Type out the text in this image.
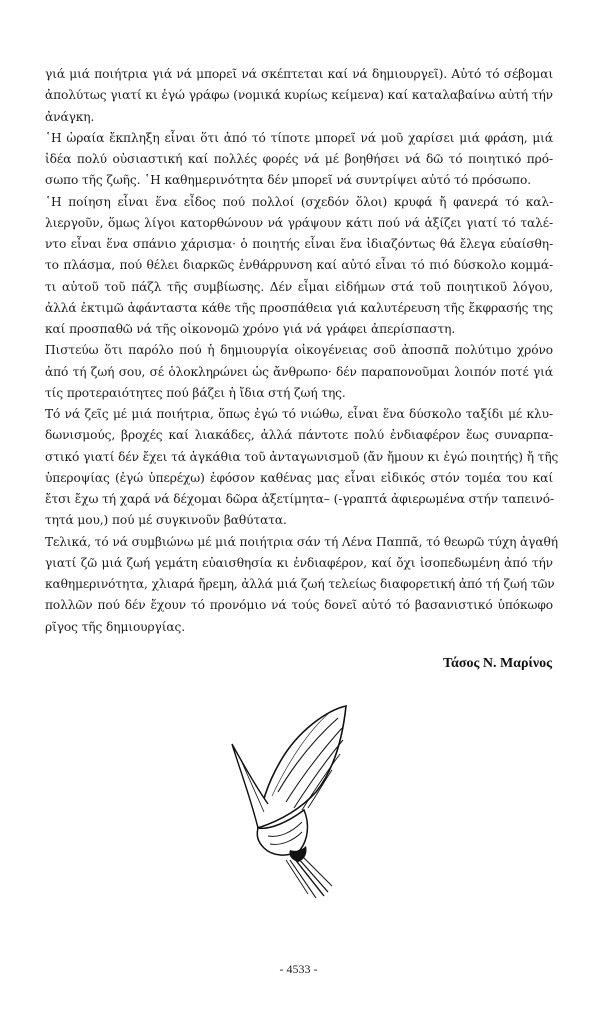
γιά μιά ποιήτρια γιά νά μπορεῖ νά σκέπτεται καί νά δημιουργεῖ). Αὐτό τό σέβομαι
ἀπολύτως γιατί κι ἐγώ γράφω (νομικά κυρίως κείμενα) καί καταλαβαίνω αὐτή τήν
ἀνάγκη.
῾Η ὡραία ἔκπληξη εἶναι ὅτι ἀπό τό τίποτε μπορεῖ νά μοῦ χαρίσει μιά φράση, μιά
ἰδέα πολύ οὐσιαστική καί πολλές φορές νά μέ βοηθήσει νά δῶ τό ποιητικό πρό-
σωπο τῆς ζωῆς. ῾Η καθημερινότητα δέν μπορεῖ νά συντρίψει αὐτό τό πρόσωπο.
῾Η ποίηση εἶναι ἕνα εἶδος πού πολλοί (σχεδόν ὅλοι) κρυφά ἤ φανερά τό καλ-
λιεργοῦν, ὅμως λίγοι κατορθώνουν νά γράψουν κάτι πού νά ἀξίζει γιατί τό ταλέ-
ντο εἶναι ἕνα σπάνιο χάρισμα· ὁ ποιητής εἶναι ἕνα ἰδιαζόντως θά ἔλεγα εὐαίσθη-
το πλάσμα, πού θέλει διαρκῶς ἐνθάρρυνση καί αὐτό εἶναι τό πιό δύσκολο κομμά-
τι αὐτοῦ τοῦ πάζλ τῆς συμβίωσης. Δέν εἶμαι εἰδήμων στά τοῦ ποιητικοῦ λόγου,
ἀλλά ἐκτιμῶ ἀφάνταστα κάθε τῆς προσπάθεια γιά καλυτέρευση τῆς ἔκφρασής της
καί προσπαθῶ νά τῆς οἰκονομῶ χρόνο γιά νά γράφει ἀπερίσπαστη.
Πιστεύω ὅτι παρόλο πού ἡ δημιουργία οἰκογένειας σοῦ ἀποσπᾶ πολύτιμο χρόνο
ἀπό τή ζωή σου, σέ ὁλοκληρώνει ὡς ἄνθρωπο· δέν παραπονοῦμαι λοιπόν ποτέ γιά
τίς προτεραιότητες πού βάζει ἡ ἴδια στή ζωή της.
Τό νά ζεῖς μέ μιά ποιήτρια, ὅπως ἐγώ τό νιώθω, εἶναι ἕνα δύσκολο ταξίδι μέ κλυ-
δωνισμούς, βροχές καί λιακάδες, ἀλλά πάντοτε πολύ ἐνδιαφέρον ἕως συναρπα-
στικό γιατί δέν ἔχει τά ἀγκάθια τοῦ ἀνταγωνισμοῦ (ἄν ἤμουν κι ἐγώ ποιητής) ἤ τῆς
ὑπεροψίας (ἐγώ ὑπερέχω) ἐφόσον καθένας μας εἶναι εἰδικός στόν τομέα του καί
ἔτσι ἔχω τή χαρά νά δέχομαι δῶρα ἀξετίμητα– (-γραπτά ἀφιερωμένα στήν ταπεινό-
τητά μου,) πού μέ συγκινοῦν βαθύτατα.
Τελικά, τό νά συμβιώνω μέ μιά ποιήτρια σάν τή Λένα Παππᾶ, τό θεωρῶ τύχη ἀγαθή
γιατί ζῶ μιά ζωή γεμάτη εὐαισθησία κι ἐνδιαφέρον, καί ὄχι ἰσοπεδωμένη ἀπό τήν
καθημερινότητα, χλιαρά ἤρεμη, ἀλλά μιά ζωή τελείως διαφορετική ἀπό τή ζωή τῶν
πολλῶν πού δέν ἔχουν τό προνόμιο νά τούς δονεῖ αὐτό τό βασανιστικό ὑπόκωφο
ρῖγος τῆς δημιουργίας.
Τάσος Ν. Μαρίνος
- 4533 -
